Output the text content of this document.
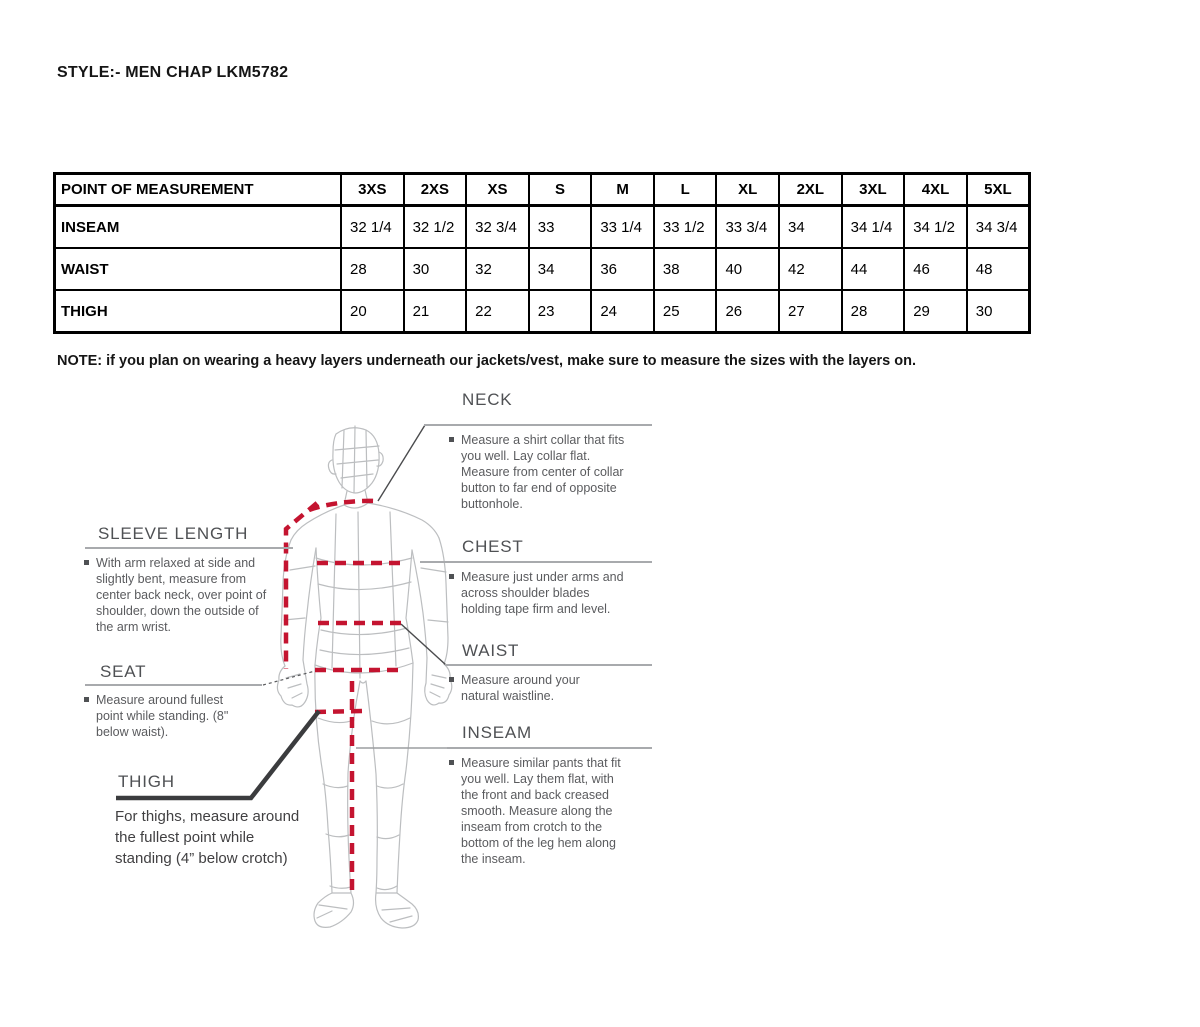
STYLE:- MEN CHAP LKM5782
POINT OF MEASUREMENT	3XS	2XS	XS	S	M	L	XL	2XL	3XL	4XL	5XL
INSEAM	32 1/4	32 1/2	32 3/4	33	33 1/4	33 1/2	33 3/4	34	34 1/4	34 1/2	34 3/4
WAIST	28	30	32	34	36	38	40	42	44	46	48
THIGH	20	21	22	23	24	25	26	27	28	29	30
NOTE: if you plan on wearing a heavy layers underneath our jackets/vest, make sure to measure the sizes with the layers on.
NECK
Measure a shirt collar that fits you well. Lay collar flat. Measure from center of collar button to far end of opposite buttonhole.
SLEEVE LENGTH
With arm relaxed at side and slightly bent, measure from center back neck, over point of shoulder, down the outside of the arm wrist.
CHEST
Measure just under arms and across shoulder blades holding tape firm and level.
WAIST
Measure around your natural waistline.
SEAT
Measure around fullest point while standing. (8" below waist).	INSEAM
Measure similar pants that fit you well. Lay them flat, with the front and back creased smooth. Measure along the inseam from crotch to the bottom of the leg hem along the inseam.
THIGH
For thighs, measure around the fullest point while standing (4” below crotch)
